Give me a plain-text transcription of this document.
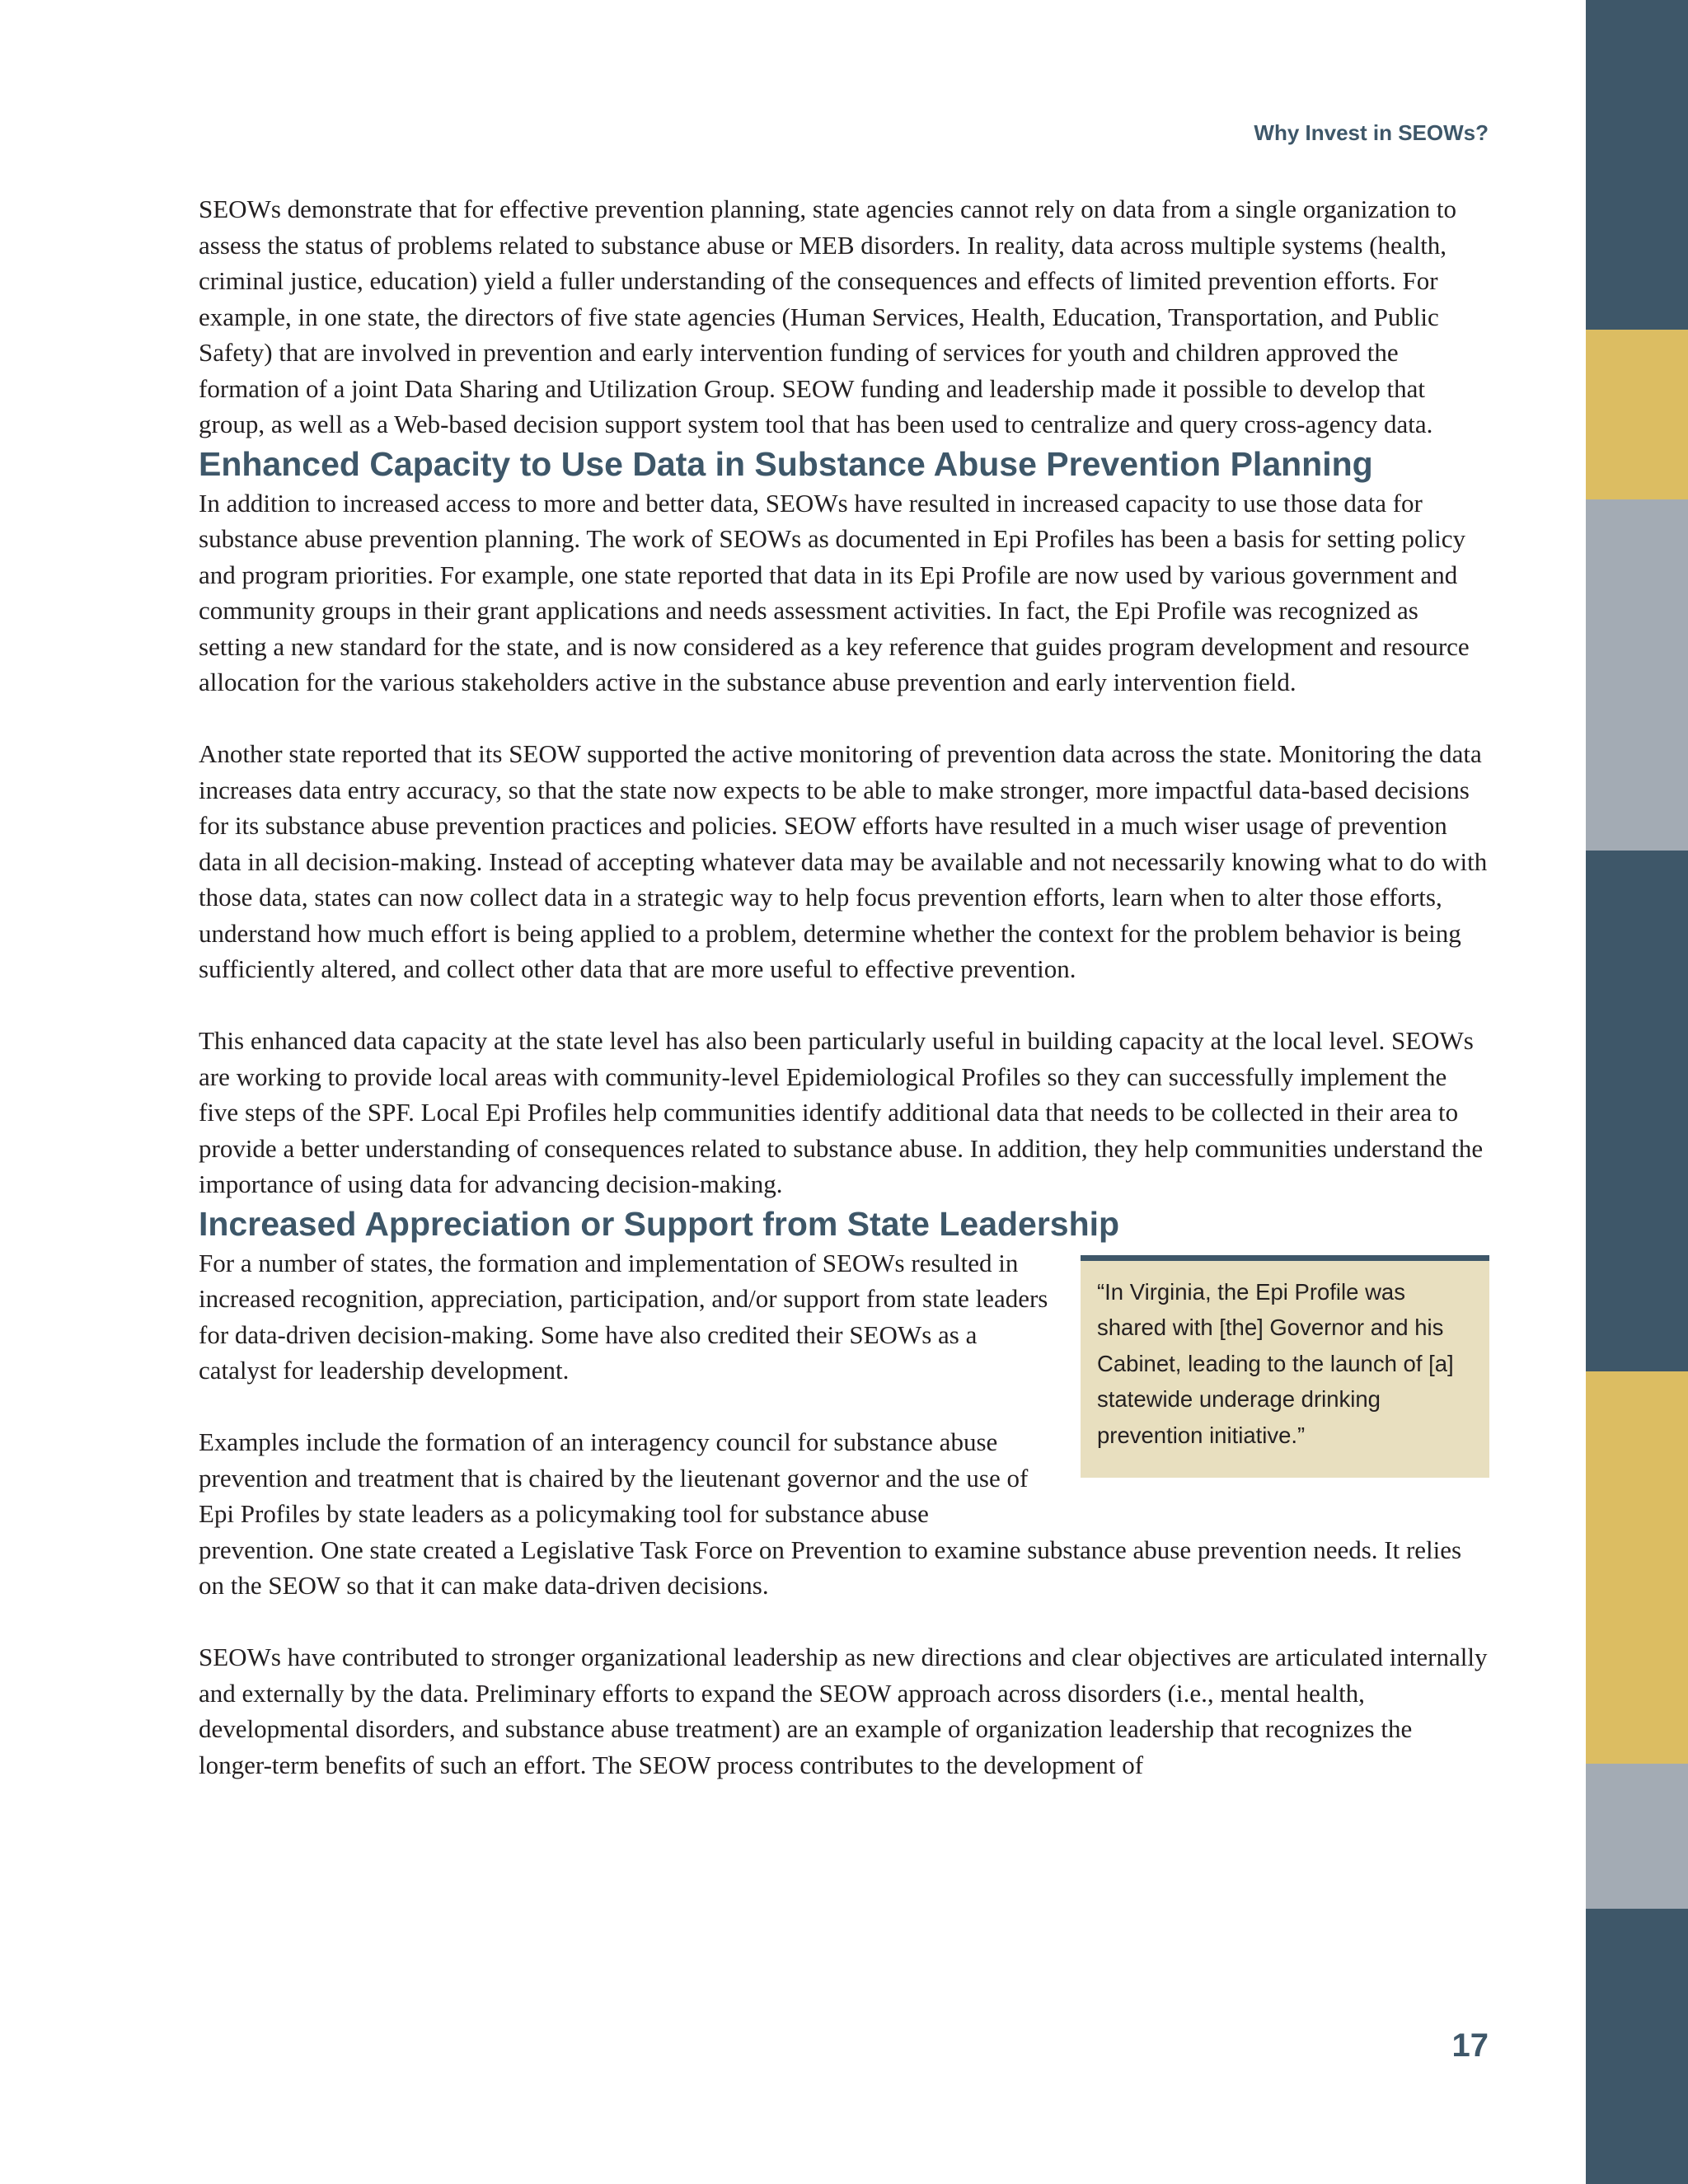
Why Invest in SEOWs?

SEOWs demonstrate that for effective prevention planning, state agencies cannot rely on data from a single organization to assess the status of problems related to substance abuse or MEB disorders. In reality, data across multiple systems (health, criminal justice, education) yield a fuller understanding of the consequences and effects of limited prevention efforts. For example, in one state, the directors of five state agencies (Human Services, Health, Education, Transportation, and Public Safety) that are involved in prevention and early intervention funding of services for youth and children approved the formation of a joint Data Sharing and Utilization Group. SEOW funding and leadership made it possible to develop that group, as well as a Web-based decision support system tool that has been used to centralize and query cross-agency data.

Enhanced Capacity to Use Data in Substance Abuse Prevention Planning

In addition to increased access to more and better data, SEOWs have resulted in increased capacity to use those data for substance abuse prevention planning. The work of SEOWs as documented in Epi Profiles has been a basis for setting policy and program priorities. For example, one state reported that data in its Epi Profile are now used by various government and community groups in their grant applications and needs assessment activities. In fact, the Epi Profile was recognized as setting a new standard for the state, and is now considered as a key reference that guides program development and resource allocation for the various stakeholders active in the substance abuse prevention and early intervention field.

Another state reported that its SEOW supported the active monitoring of prevention data across the state. Monitoring the data increases data entry accuracy, so that the state now expects to be able to make stronger, more impactful data-based decisions for its substance abuse prevention practices and policies. SEOW efforts have resulted in a much wiser usage of prevention data in all decision-making. Instead of accepting whatever data may be available and not necessarily knowing what to do with those data, states can now collect data in a strategic way to help focus prevention efforts, learn when to alter those efforts, understand how much effort is being applied to a problem, determine whether the context for the problem behavior is being sufficiently altered, and collect other data that are more useful to effective prevention.

This enhanced data capacity at the state level has also been particularly useful in building capacity at the local level. SEOWs are working to provide local areas with community-level Epidemiological Profiles so they can successfully implement the five steps of the SPF. Local Epi Profiles help communities identify additional data that needs to be collected in their area to provide a better understanding of consequences related to substance abuse. In addition, they help communities understand the importance of using data for advancing decision-making.

Increased Appreciation or Support from State Leadership
“In Virginia, the Epi Profile was shared with [the] Governor and his Cabinet, leading to the launch of [a] statewide underage drinking prevention initiative.”

For a number of states, the formation and implementation of SEOWs resulted in increased recognition, appreciation, participation, and/or support from state leaders for data-driven decision-making. Some have also credited their SEOWs as a catalyst for leadership development.

Examples include the formation of an interagency council for substance abuse prevention and treatment that is chaired by the lieutenant governor and the use of Epi Profiles by state leaders as a policymaking tool for substance abuse prevention. One state created a Legislative Task Force on Prevention to examine substance abuse prevention needs. It relies on the SEOW so that it can make data-driven decisions.

SEOWs have contributed to stronger organizational leadership as new directions and clear objectives are articulated internally and externally by the data. Preliminary efforts to expand the SEOW approach across disorders (i.e., mental health, developmental disorders, and substance abuse treatment) are an example of organization leadership that recognizes the longer-term benefits of such an effort. The SEOW process contributes to the development of

17
